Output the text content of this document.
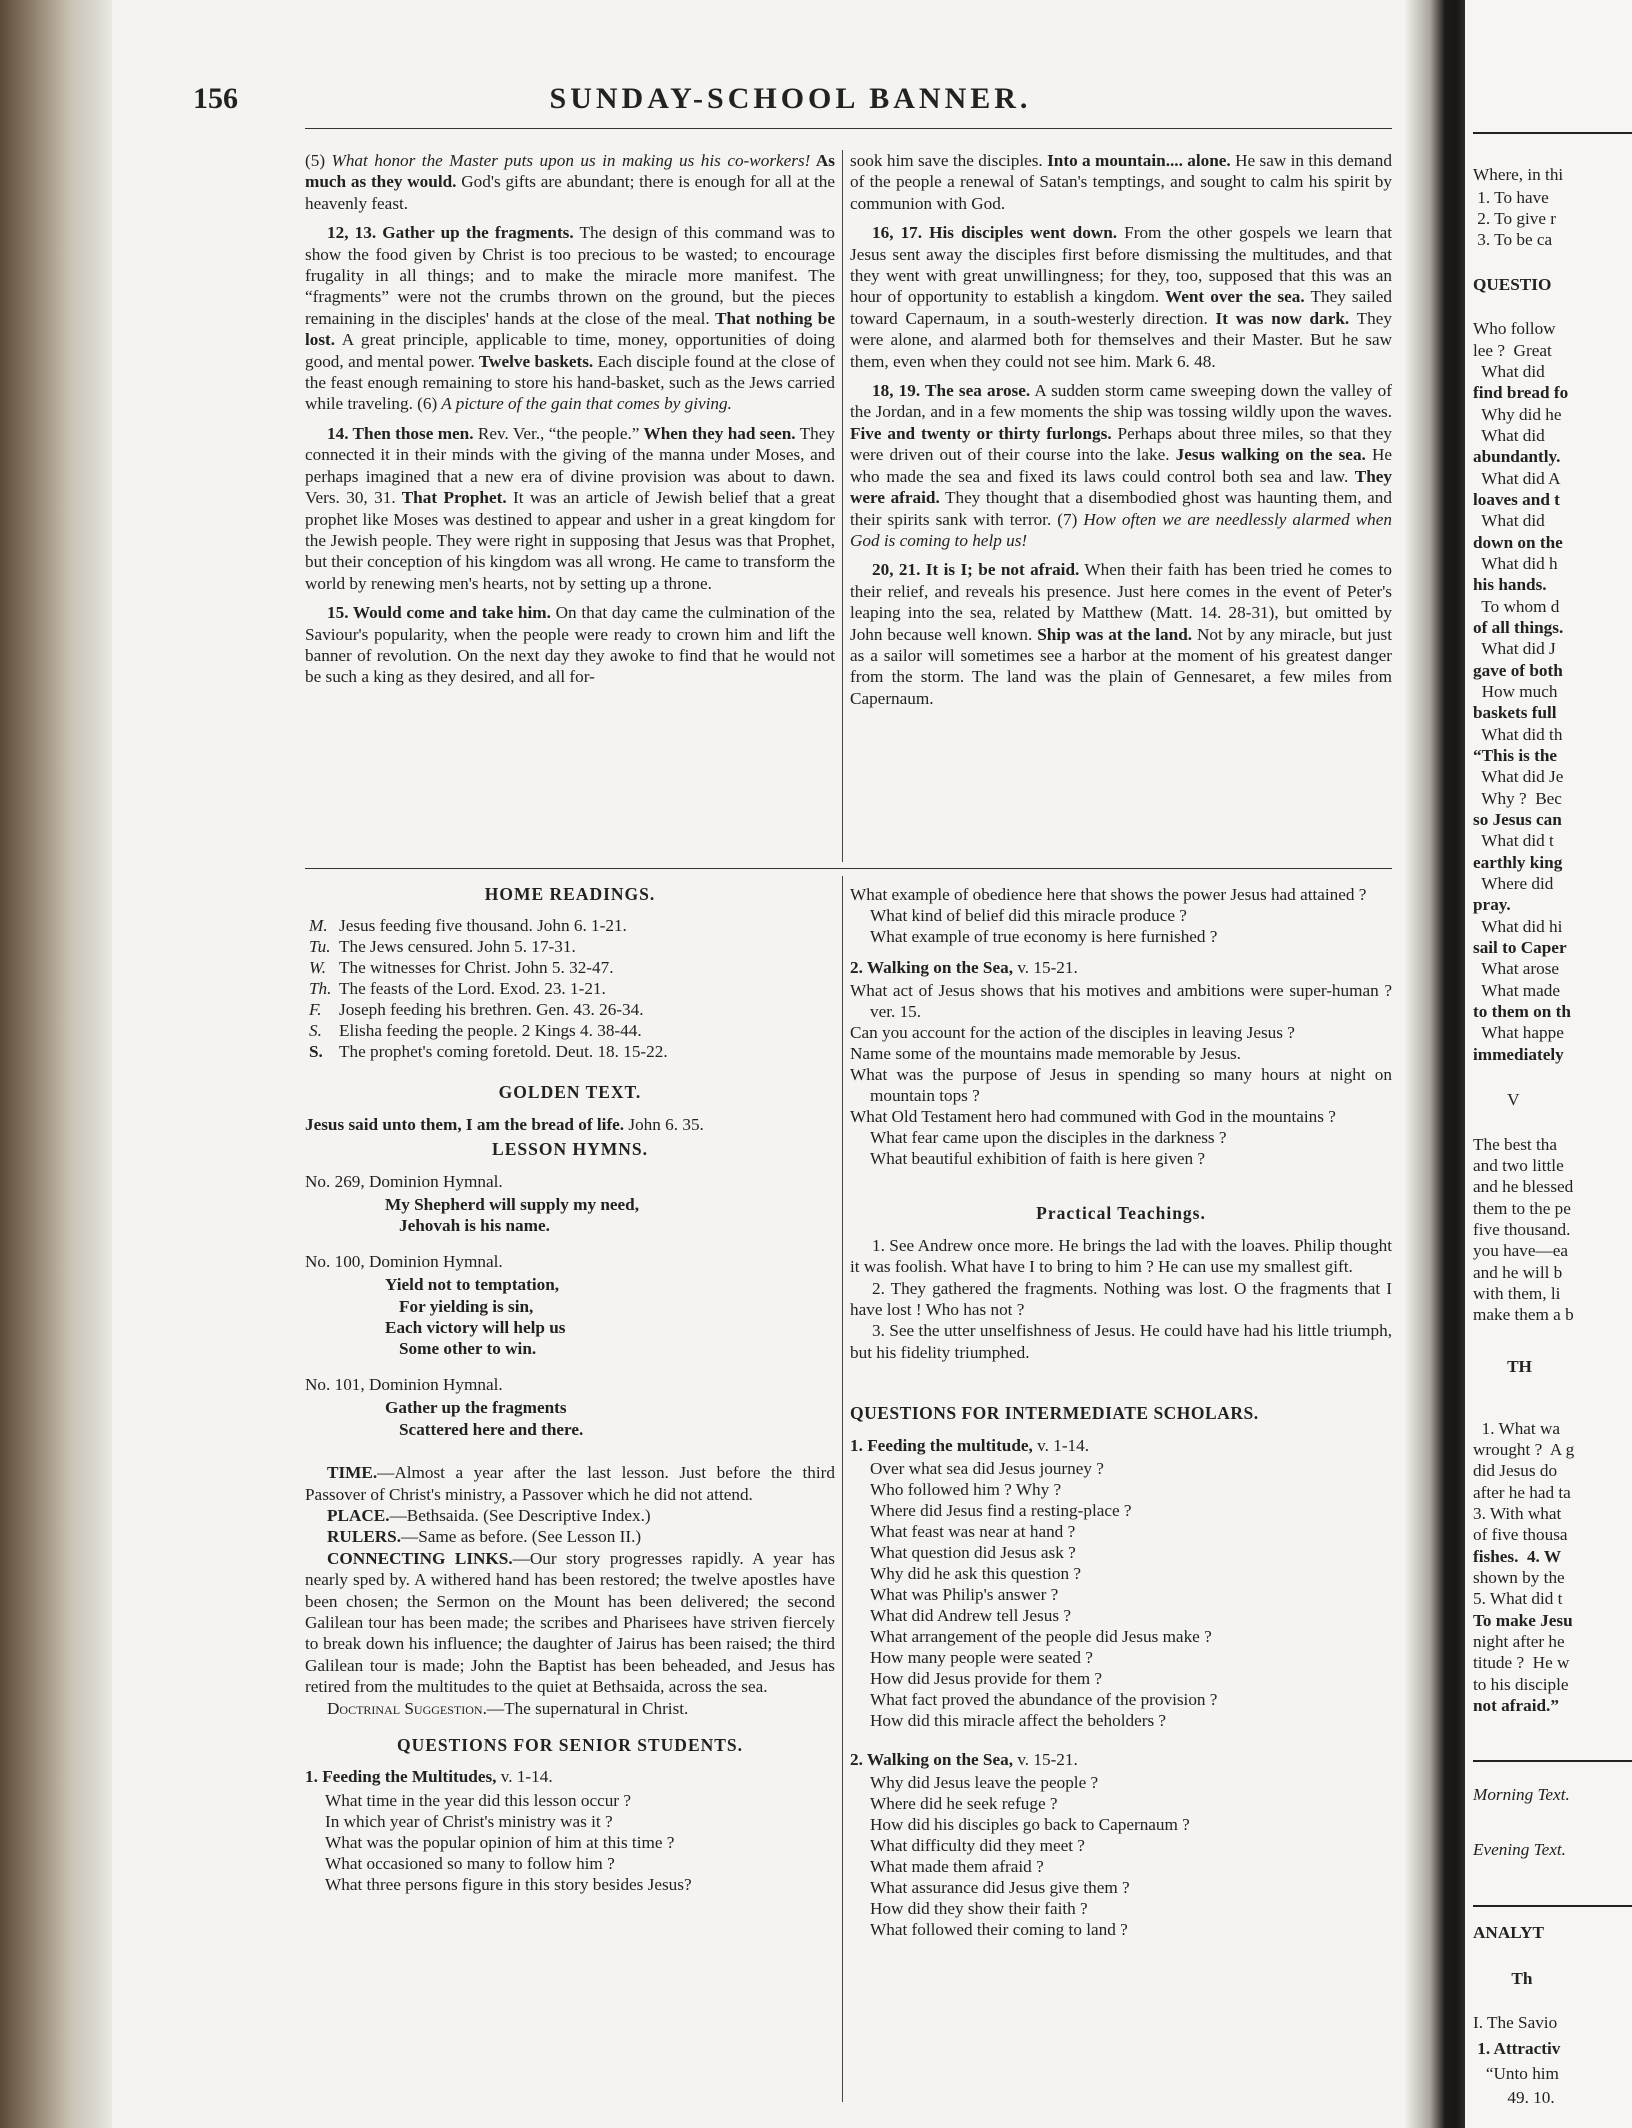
156	SUNDAY-SCHOOL BANNER.

(5) What honor the Master puts upon us in making us his co-workers! As much as they would. God's gifts are abundant; there is enough for all at the heavenly feast.

12, 13. Gather up the fragments. The design of this command was to show the food given by Christ is too precious to be wasted; to encourage frugality in all things; and to make the miracle more manifest. The “fragments” were not the crumbs thrown on the ground, but the pieces remaining in the disciples' hands at the close of the meal. That nothing be lost. A great principle, applicable to time, money, opportunities of doing good, and mental power. Twelve baskets. Each disciple found at the close of the feast enough remaining to store his hand-basket, such as the Jews carried while traveling. (6) A picture of the gain that comes by giving.

14. Then those men. Rev. Ver., “the people.” When they had seen. They connected it in their minds with the giving of the manna under Moses, and perhaps imagined that a new era of divine provision was about to dawn. Vers. 30, 31. That Prophet. It was an article of Jewish belief that a great prophet like Moses was destined to appear and usher in a great kingdom for the Jewish people. They were right in supposing that Jesus was that Prophet, but their conception of his kingdom was all wrong. He came to transform the world by renewing men's hearts, not by setting up a throne.

15. Would come and take him. On that day came the culmination of the Saviour's popularity, when the people were ready to crown him and lift the banner of revolution. On the next day they awoke to find that he would not be such a king as they desired, and all for-

sook him save the disciples. Into a mountain.... alone. He saw in this demand of the people a renewal of Satan's temptings, and sought to calm his spirit by communion with God.

16, 17. His disciples went down. From the other gospels we learn that Jesus sent away the disciples first before dismissing the multitudes, and that they went with great unwillingness; for they, too, supposed that this was an hour of opportunity to establish a kingdom. Went over the sea. They sailed toward Capernaum, in a south-westerly direction. It was now dark. They were alone, and alarmed both for themselves and their Master. But he saw them, even when they could not see him. Mark 6. 48.

18, 19. The sea arose. A sudden storm came sweeping down the valley of the Jordan, and in a few moments the ship was tossing wildly upon the waves. Five and twenty or thirty furlongs. Perhaps about three miles, so that they were driven out of their course into the lake. Jesus walking on the sea. He who made the sea and fixed its laws could control both sea and law. They were afraid. They thought that a disembodied ghost was haunting them, and their spirits sank with terror. (7) How often we are needlessly alarmed when God is coming to help us!

20, 21. It is I; be not afraid. When their faith has been tried he comes to their relief, and reveals his presence. Just here comes in the event of Peter's leaping into the sea, related by Matthew (Matt. 14. 28-31), but omitted by John because well known. Ship was at the land. Not by any miracle, but just as a sailor will sometimes see a harbor at the moment of his greatest danger from the storm. The land was the plain of Gennesaret, a few miles from Capernaum.

HOME READINGS.
M. Jesus feeding five thousand. John 6. 1-21.
Tu. The Jews censured. John 5. 17-31.
W. The witnesses for Christ. John 5. 32-47.
Th. The feasts of the Lord. Exod. 23. 1-21.
F.	Joseph feeding his brethren. Gen. 43. 26-34.
S. Elisha feeding the people. 2 Kings 4. 38-44.
S. The prophet's coming foretold. Deut. 18. 15-22.
GOLDEN TEXT.
Jesus said unto them, I am the bread of life. John 6. 35.
LESSON HYMNS.
No. 269, Dominion Hymnal.
My Shepherd will supply my need,
Jehovah is his name.
No. 100, Dominion Hymnal.
Yield not to temptation,
For yielding is sin,
Each victory will help us
Some other to win.
No. 101, Dominion Hymnal.
Gather up the fragments
Scattered here and there.

TIME.—Almost a year after the last lesson. Just before the third Passover of Christ's ministry, a Passover which he did not attend.

PLACE.—Bethsaida. (See Descriptive Index.)

RULERS.—Same as before. (See Lesson II.)

CONNECTING LINKS.—Our story progresses rapidly. A year has nearly sped by. A withered hand has been restored; the twelve apostles have been chosen; the Sermon on the Mount has been delivered; the second Galilean tour has been made; the scribes and Pharisees have striven fiercely to break down his influence; the daughter of Jairus has been raised; the third Galilean tour is made; John the Baptist has been beheaded, and Jesus has retired from the multitudes to the quiet at Bethsaida, across the sea.

Doctrinal Suggestion.—The supernatural in Christ.

QUESTIONS FOR SENIOR STUDENTS.
1. Feeding the Multitudes, v. 1-14.
What time in the year did this lesson occur ?
In which year of Christ's ministry was it ?
What was the popular opinion of him at this time ?
What occasioned so many to follow him ?
What three persons figure in this story besides Jesus?
What example of obedience here that shows the power Jesus had attained ?
What kind of belief did this miracle produce ?
What example of true economy is here furnished ?
2. Walking on the Sea, v. 15-21.
What act of Jesus shows that his motives and ambitions were super-human ? ver. 15.
Can you account for the action of the disciples in leaving Jesus ?
Name some of the mountains made memorable by Jesus.
What was the purpose of Jesus in spending so many hours at night on mountain tops ?
What Old Testament hero had communed with God in the mountains ?
What fear came upon the disciples in the darkness ?
What beautiful exhibition of faith is here given ?
Practical Teachings.

1. See Andrew once more. He brings the lad with the loaves. Philip thought it was foolish. What have I to bring to him ? He can use my smallest gift.

2. They gathered the fragments. Nothing was lost. O the fragments that I have lost ! Who has not ?

3. See the utter unselfishness of Jesus. He could have had his little triumph, but his fidelity triumphed.

QUESTIONS FOR INTERMEDIATE SCHOLARS.
1. Feeding the multitude, v. 1-14.
Over what sea did Jesus journey ?
Who followed him ? Why ?
Where did Jesus find a resting-place ?
What feast was near at hand ?
What question did Jesus ask ?
Why did he ask this question ?
What was Philip's answer ?
What did Andrew tell Jesus ?
What arrangement of the people did Jesus make ?
How many people were seated ?
How did Jesus provide for them ?
What fact proved the abundance of the provision ?
How did this miracle affect the beholders ?
2. Walking on the Sea, v. 15-21.
Why did Jesus leave the people ?
Where did he seek refuge ?
How did his disciples go back to Capernaum ?
What difficulty did they meet ?
What made them afraid ?
What assurance did Jesus give them ?
How did they show their faith ?
What followed their coming to land ?
Where, in thi
1. To have
2. To give r
3. To be ca
QUESTIO
Who follow
lee ?  Great
What did
find bread fo
Why did he
What did
abundantly.
What did A
loaves and t
What did
down on the
What did h
his hands.
To whom d
of all things.
What did J
gave of both
How much
baskets full
What did th
“This is the
What did Je
Why ?  Bec
so Jesus can
What did t
earthly king
Where did
pray.
What did hi
sail to Caper
What arose
What made
to them on th
What happe
immediately
V
The best tha
and two little
and he blessed
them to the pe
five thousand.
you have—ea
and he will b
with them, li
make them a b
TH
1. What wa
wrought ?  A g
did Jesus do
after he had ta
3. With what
of five thousa
fishes.  4. W
shown by the
5. What did t
To make Jesu
night after he
titude ?  He w
to his disciple
not afraid.”
Morning Text.
Evening Text.
ANALYT
Th
I. The Savio
1. Attractiv
“Unto him
49. 10.
